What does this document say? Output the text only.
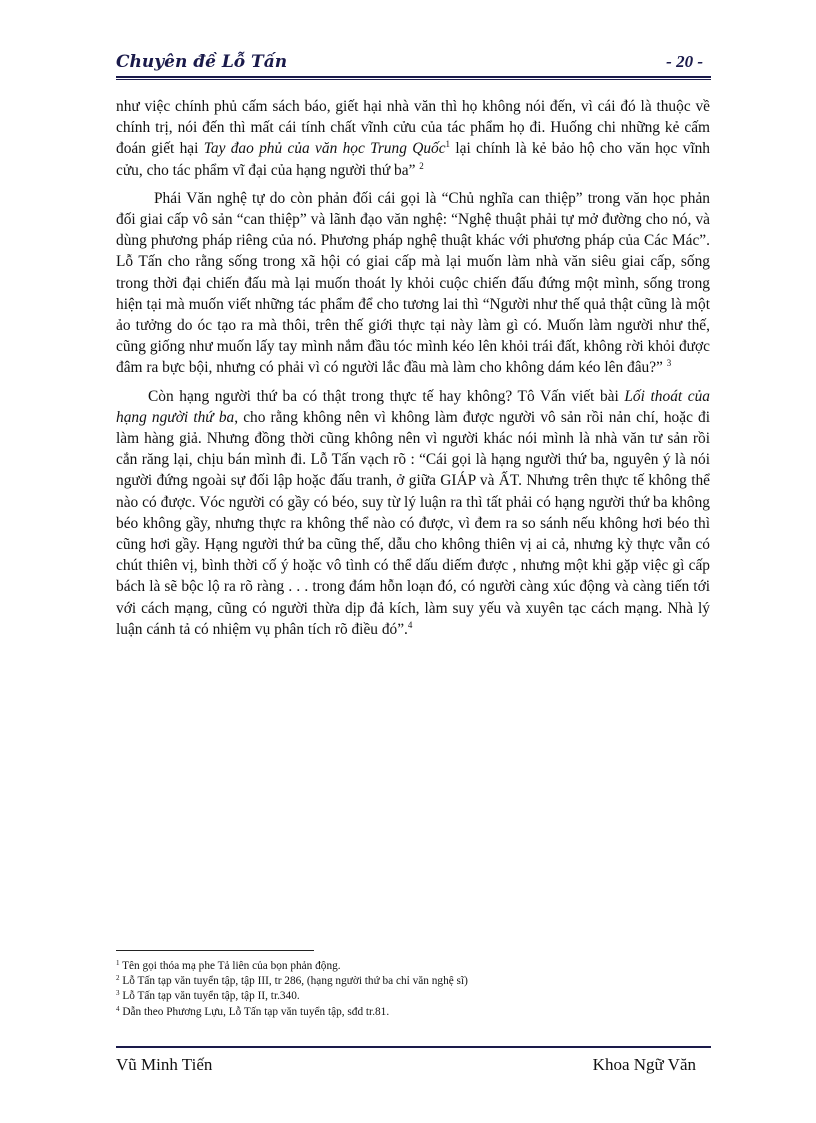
Chuyên đề Lỗ Tấn	- 20 -

như việc chính phủ cấm sách báo, giết hại nhà văn thì họ không nói đến, vì cái đó là thuộc về chính trị, nói đến thì mất cái tính chất vĩnh cửu của tác phẩm họ đi. Huống chi những kẻ cấm đoán giết hại Tay đao phủ của văn học Trung Quốc$^1$ lại chính là kẻ bảo hộ cho văn học vĩnh cửu, cho tác phẩm vĩ đại của hạng người thứ ba” $^2$

Phái Văn nghệ tự do còn phản đối cái gọi là “Chủ nghĩa can thiệp” trong văn học phản đối giai cấp vô sản “can thiệp” và lãnh đạo văn nghệ: “Nghệ thuật phải tự mở đường cho nó, và dùng phương pháp riêng của nó. Phương pháp nghệ thuật khác với phương pháp của Các Mác”. Lỗ Tấn cho rằng sống trong xã hội có giai cấp mà lại muốn làm nhà văn siêu giai cấp, sống trong thời đại chiến đấu mà lại muốn thoát ly khỏi cuộc chiến đấu đứng một mình, sống trong hiện tại mà muốn viết những tác phẩm để cho tương lai thì “Người như thế quả thật cũng là một ảo tưởng do óc tạo ra mà thôi, trên thế giới thực tại này làm gì có. Muốn làm người như thế, cũng giống như muốn lấy tay mình nắm đầu tóc mình kéo lên khỏi trái đất, không rời khỏi được đâm ra bực bội, nhưng có phải vì có người lắc đầu mà làm cho không dám kéo lên đâu?” $^3$

Còn hạng người thứ ba có thật trong thực tế hay không? Tô Vấn viết bài Lối thoát của hạng người thứ ba, cho rằng không nên vì không làm được người vô sản rồi nản chí, hoặc đi làm hàng giả. Nhưng đồng thời cũng không nên vì người khác nói mình là nhà văn tư sản rồi cắn răng lại, chịu bán mình đi. Lỗ Tấn vạch rõ : “Cái gọi là hạng người thứ ba, nguyên ý là nói người đứng ngoài sự đối lập hoặc đấu tranh, ở giữa GIÁP và ẤT. Nhưng trên thực tế không thể nào có được. Vóc người có gầy có béo, suy từ lý luận ra thì tất phải có hạng người thứ ba không béo không gầy, nhưng thực ra không thể nào có được, vì đem ra so sánh nếu không hơi béo thì cũng hơi gầy. Hạng người thứ ba cũng thế, dẫu cho không thiên vị ai cả, nhưng kỳ thực vẫn có chút thiên vị, bình thời cố ý hoặc vô tình có thể dấu diếm được , nhưng một khi gặp việc gì cấp bách là sẽ bộc lộ ra rõ ràng . . . trong đám hỗn loạn đó, có người càng xúc động và càng tiến tới với cách mạng, cũng có người thừa dịp đả kích, làm suy yếu và xuyên tạc cách mạng. Nhà lý luận cánh tả có nhiệm vụ phân tích rõ điều đó”.$^4$

$^1$ Tên gọi thóa mạ phe Tả liên của bọn phản động.

$^2$ Lỗ Tấn tạp văn tuyển tập, tập III, tr 286, (hạng người thứ ba chỉ văn nghệ sĩ)

$^3$ Lỗ Tấn tạp văn tuyển tập, tập II, tr.340.

$^4$ Dẫn theo Phương Lựu, Lỗ Tấn tạp văn tuyển tập, sđd tr.81.

Vũ Minh Tiến	Khoa Ngữ Văn
